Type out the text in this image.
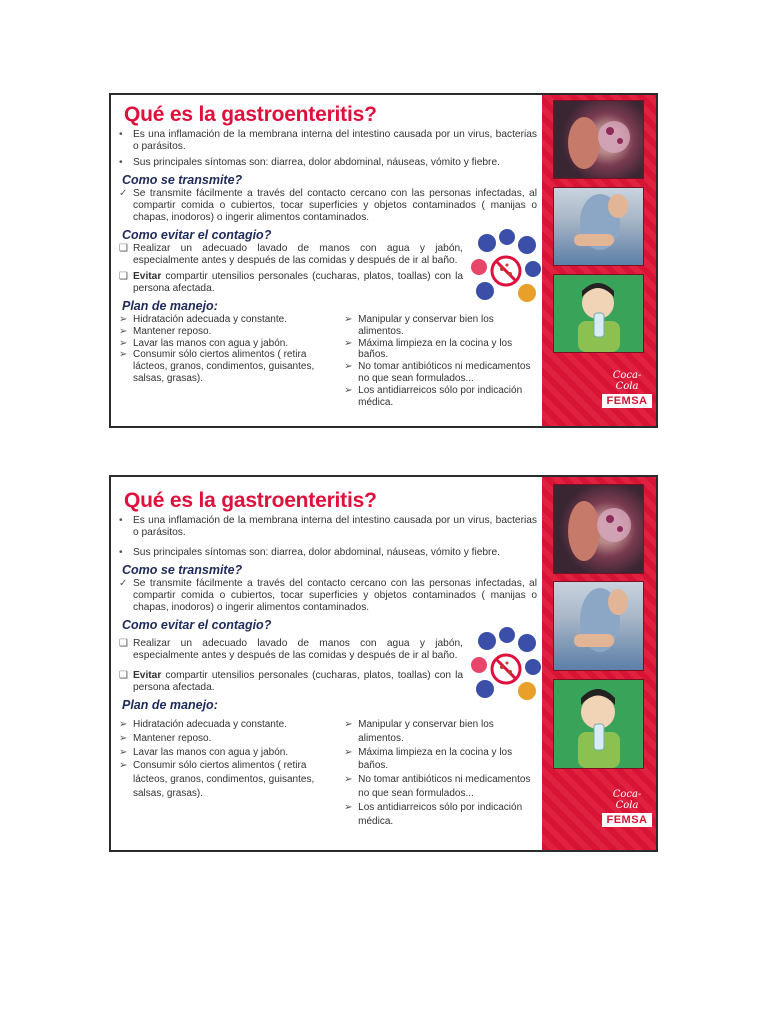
Qué es la gastroenteritis?
•	Es una inflamación de la membrana interna del intestino causada por un virus, bacterias o parásitos.
•	Sus principales síntomas son: diarrea, dolor abdominal, náuseas, vómito y fiebre.
Como se transmite?
✓ Se transmite fácilmente a través del contacto cercano con las personas infectadas, al compartir comida o cubiertos, tocar superficies y objetos contaminados ( manijas o chapas, inodoros) o ingerir alimentos contaminados.
Como evitar el contagio?
❑ Realizar un adecuado lavado de manos con agua y jabón, especialmente antes y después de las comidas y después de ir al baño.
❑ Evitar compartir utensilios personales (cucharas, platos, toallas) con la persona afectada.
Plan de manejo:
➢ Hidratación adecuada y constante.
➢ Mantener reposo.
➢ Lavar las manos con agua y jabón.
➢ Consumir sólo ciertos alimentos ( retira lácteos, granos, condimentos, guisantes, salsas, grasas).
➢ Manipular y conservar bien los alimentos.
➢ Máxima limpieza en la cocina y los baños.
➢ No tomar antibióticos ni medicamentos no que sean formulados...
➢ Los antidiarreicos sólo por indicación médica.
Coca-Cola
FEMSA
Qué es la gastroenteritis?
•	Es una inflamación de la membrana interna del intestino causada por un virus, bacterias o parásitos.
•	Sus principales síntomas son: diarrea, dolor abdominal, náuseas, vómito y fiebre.
Como se transmite?
✓ Se transmite fácilmente a través del contacto cercano con las personas infectadas, al compartir comida o cubiertos, tocar superficies y objetos contaminados ( manijas o chapas, inodoros) o ingerir alimentos contaminados.
Como evitar el contagio?
❑ Realizar un adecuado lavado de manos con agua y jabón, especialmente antes y después de las comidas y después de ir al baño.
❑ Evitar compartir utensilios personales (cucharas, platos, toallas) con la persona afectada.
Plan de manejo:
➢ Hidratación adecuada y constante.
➢ Mantener reposo.
➢ Lavar las manos con agua y jabón.
➢ Consumir sólo ciertos alimentos ( retira lácteos, granos, condimentos, guisantes, salsas, grasas).
➢ Manipular y conservar bien los alimentos.
➢ Máxima limpieza en la cocina y los baños.
➢ No tomar antibióticos ni medicamentos no que sean formulados...
➢ Los antidiarreicos sólo por indicación médica.
Coca-Cola
FEMSA
